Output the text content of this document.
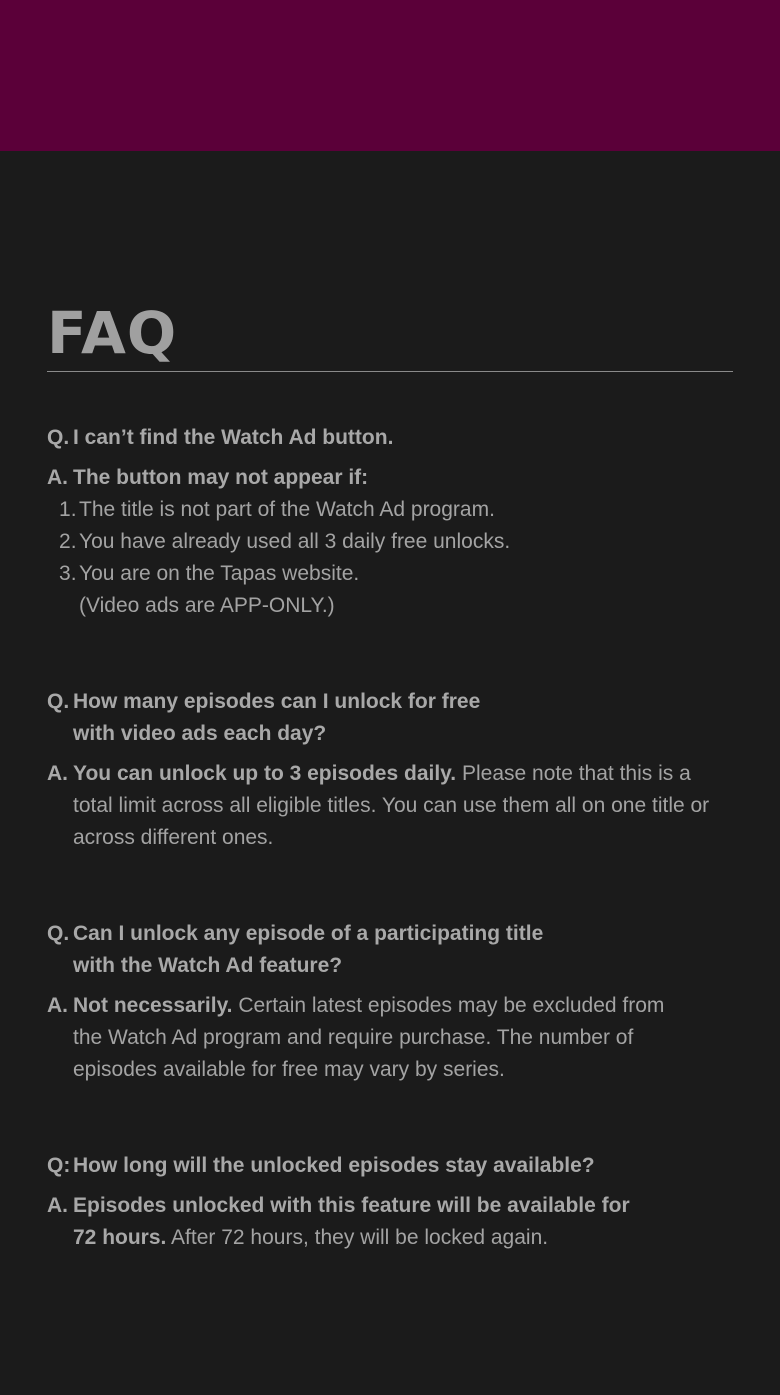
FAQ
Q. I can’t find the Watch Ad button.
A. The button may not appear if:
The title is not part of the Watch Ad program.
You have already used all 3 daily free unlocks.
You are on the Tapas website.
(Video ads are APP-ONLY.)
Q. How many episodes can I unlock for free with video ads each day?
A. You can unlock up to 3 episodes daily. Please note that this is a total limit across all eligible titles. You can use them all on one title or across different ones.
Q. Can I unlock any episode of a participating title with the Watch Ad feature?
A. Not necessarily. Certain latest episodes may be excluded from the Watch Ad program and require purchase. The number of episodes available for free may vary by series.
Q: How long will the unlocked episodes stay available?
A. Episodes unlocked with this feature will be available for 72 hours. After 72 hours, they will be locked again.
